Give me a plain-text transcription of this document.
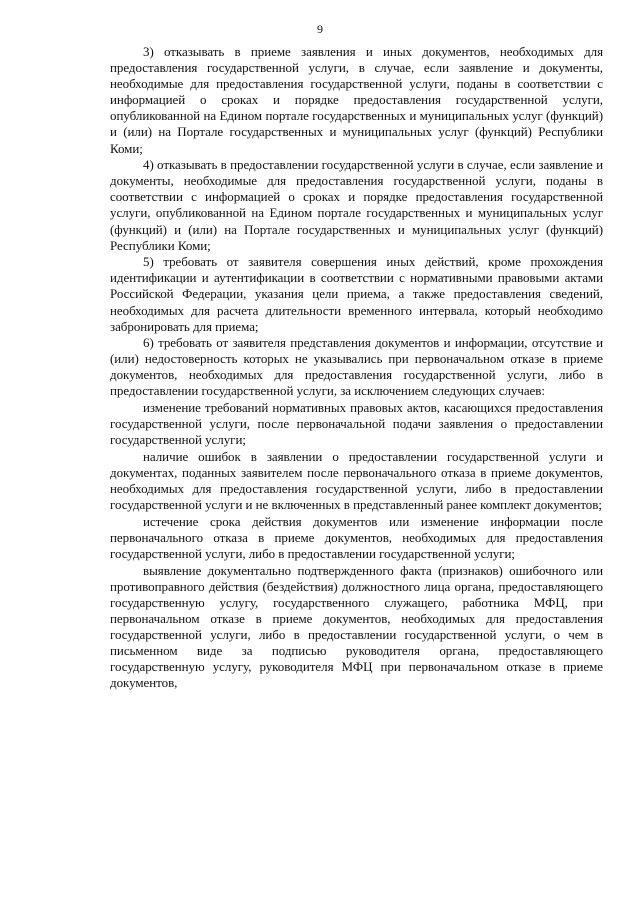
9

3) отказывать в приеме заявления и иных документов, необходимых для предоставления государственной услуги, в случае, если заявление и документы, необходимые для предоставления государственной услуги, поданы в соответствии с информацией о сроках и порядке предоставления государственной услуги, опубликованной на Едином портале государственных и муниципальных услуг (функций) и (или) на Портале государственных и муниципальных услуг (функций) Республики Коми;

4) отказывать в предоставлении государственной услуги в случае, если заявление и документы, необходимые для предоставления государственной услуги, поданы в соответствии с информацией о сроках и порядке предоставления государственной услуги, опубликованной на Едином портале государственных и муниципальных услуг (функций) и (или) на Портале государственных и муниципальных услуг (функций) Республики Коми;

5) требовать от заявителя совершения иных действий, кроме прохождения идентификации и аутентификации в соответствии с нормативными правовыми актами Российской Федерации, указания цели приема, а также предоставления сведений, необходимых для расчета длительности временного интервала, который необходимо забронировать для приема;

6) требовать от заявителя представления документов и информации, отсутствие и (или) недостоверность которых не указывались при первоначальном отказе в приеме документов, необходимых для предоставления государственной услуги, либо в предоставлении государственной услуги, за исключением следующих случаев:

изменение требований нормативных правовых актов, касающихся предоставления государственной услуги, после первоначальной подачи заявления о предоставлении государственной услуги;

наличие ошибок в заявлении о предоставлении государственной услуги и документах, поданных заявителем после первоначального отказа в приеме документов, необходимых для предоставления государственной услуги, либо в предоставлении государственной услуги и не включенных в представленный ранее комплект документов;

истечение срока действия документов или изменение информации после первоначального отказа в приеме документов, необходимых для предоставления государственной услуги, либо в предоставлении государственной услуги;

выявление документально подтвержденного факта (признаков) ошибочного или противоправного действия (бездействия) должностного лица органа, предоставляющего государственную услугу, государственного служащего, работника МФЦ, при первоначальном отказе в приеме документов, необходимых для предоставления государственной услуги, либо в предоставлении государственной услуги, о чем в письменном виде за подписью руководителя органа, предоставляющего государственную услугу, руководителя МФЦ при первоначальном отказе в приеме документов,
